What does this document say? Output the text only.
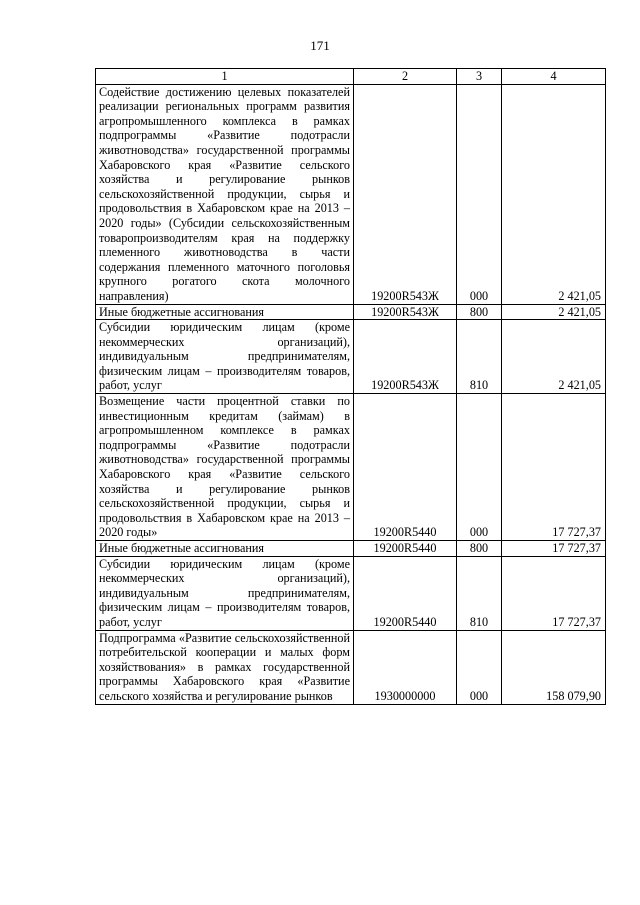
171
1	2	3	4
Содействие достижению целевых показателей реализации региональных программ развития агропромышленного комплекса в рамках подпрограммы «Развитие подотрасли животноводства» государственной программы Хабаровского края «Развитие сельского хозяйства и регулирование рынков сельскохозяйственной продукции, сырья и продовольствия в Хабаровском крае на 2013 – 2020 годы» (Субсидии сельскохозяйственным товаропроизводителям края на поддержку племенного животноводства в части содержания племенного маточного поголовья крупного рогатого скота молочного направления)	19200R543Ж	000	2 421,05
Иные бюджетные ассигнования	19200R543Ж	800	2 421,05
Субсидии юридическим лицам (кроме некоммерческих организаций), индивидуальным предпринимателям, физическим лицам – производителям товаров, работ, услуг	19200R543Ж	810	2 421,05
Возмещение части процентной ставки по инвестиционным кредитам (займам) в агропромышленном комплексе в рамках подпрограммы «Развитие подотрасли животноводства» государственной программы Хабаровского края «Развитие сельского хозяйства и регулирование рынков сельскохозяйственной продукции, сырья и продовольствия в Хабаровском крае на 2013 – 2020 годы»	19200R5440	000	17 727,37
Иные бюджетные ассигнования	19200R5440	800	17 727,37
Субсидии юридическим лицам (кроме некоммерческих организаций), индивидуальным предпринимателям, физическим лицам – производителям товаров, работ, услуг	19200R5440	810	17 727,37
Подпрограмма «Развитие сельскохозяйственной потребительской кооперации и малых форм хозяйствования» в рамках государственной программы Хабаровского края «Развитие сельского хозяйства и регулирование рынков	1930000000	000	158 079,90
